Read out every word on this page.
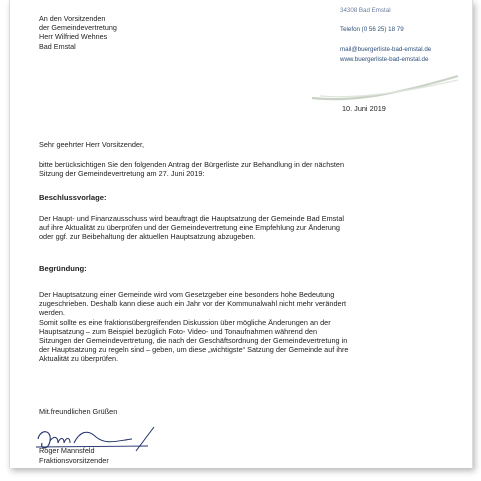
An den Vorsitzenden
der Gemeindevertretung
Herr Wilfried Wehnes
Bad Emstal
34308 Bad Emstal
Telefon (0 56 25) 18 79
mail@buergerliste-bad-emstal.de
www.buergerliste-bad-emstal.de
10. Juni 2019
Sehr geehrter Herr Vorsitzender,
bitte berücksichtigen Sie den folgenden Antrag der Bürgerliste zur Behandlung in der nächsten
Sitzung der Gemeindevertretung am 27. Juni 2019:
Beschlussvorlage:
Der Haupt- und Finanzausschuss wird beauftragt die Hauptsatzung der Gemeinde Bad Emstal
auf ihre Aktualität zu überprüfen und der Gemeindevertretung eine Empfehlung zur Änderung
oder ggf. zur Beibehaltung der aktuellen Hauptsatzung abzugeben.
Begründung:
Der Hauptsatzung einer Gemeinde wird vom Gesetzgeber eine besonders hohe Bedeutung
zugeschrieben. Deshalb kann diese auch ein Jahr vor der Kommunalwahl nicht mehr verändert
werden.
Somit sollte es eine fraktionsübergreifenden Diskussion über mögliche Änderungen an der
Hauptsatzung – zum Beispiel bezüglich Foto- Video- und Tonaufnahmen während den
Sitzungen der Gemeindevertretung, die nach der Geschäftsordnung der Gemeindevertretung in
der Hauptsatzung zu regeln sind – geben, um diese „wichtigste“ Satzung der Gemeinde auf ihre
Aktualität zu überprüfen.
Mit.freundlichen Grüßen
Roger Mannsfeld
Fraktionsvorsitzender
